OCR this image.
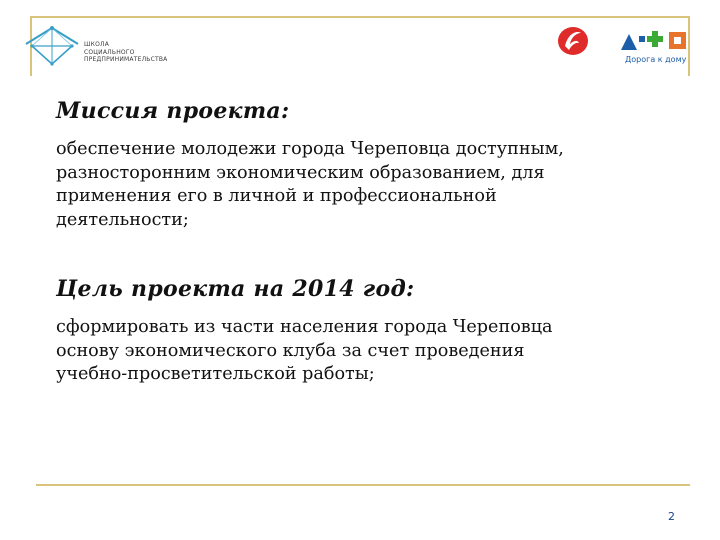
ШКОЛА
СОЦИАЛЬНОГО
ПРЕДПРИНИМАТЕЛЬСТВА	Дорога к дому
Миссия проекта:

обеспечение молодежи города Череповца доступным,
разносторонним экономическим образованием, для
применения его в личной и профессиональной
деятельности;

Цель проекта на 2014 год:

сформировать из части населения города Череповца
основу экономического клуба за счет проведения
учебно-просветительской работы;

2
